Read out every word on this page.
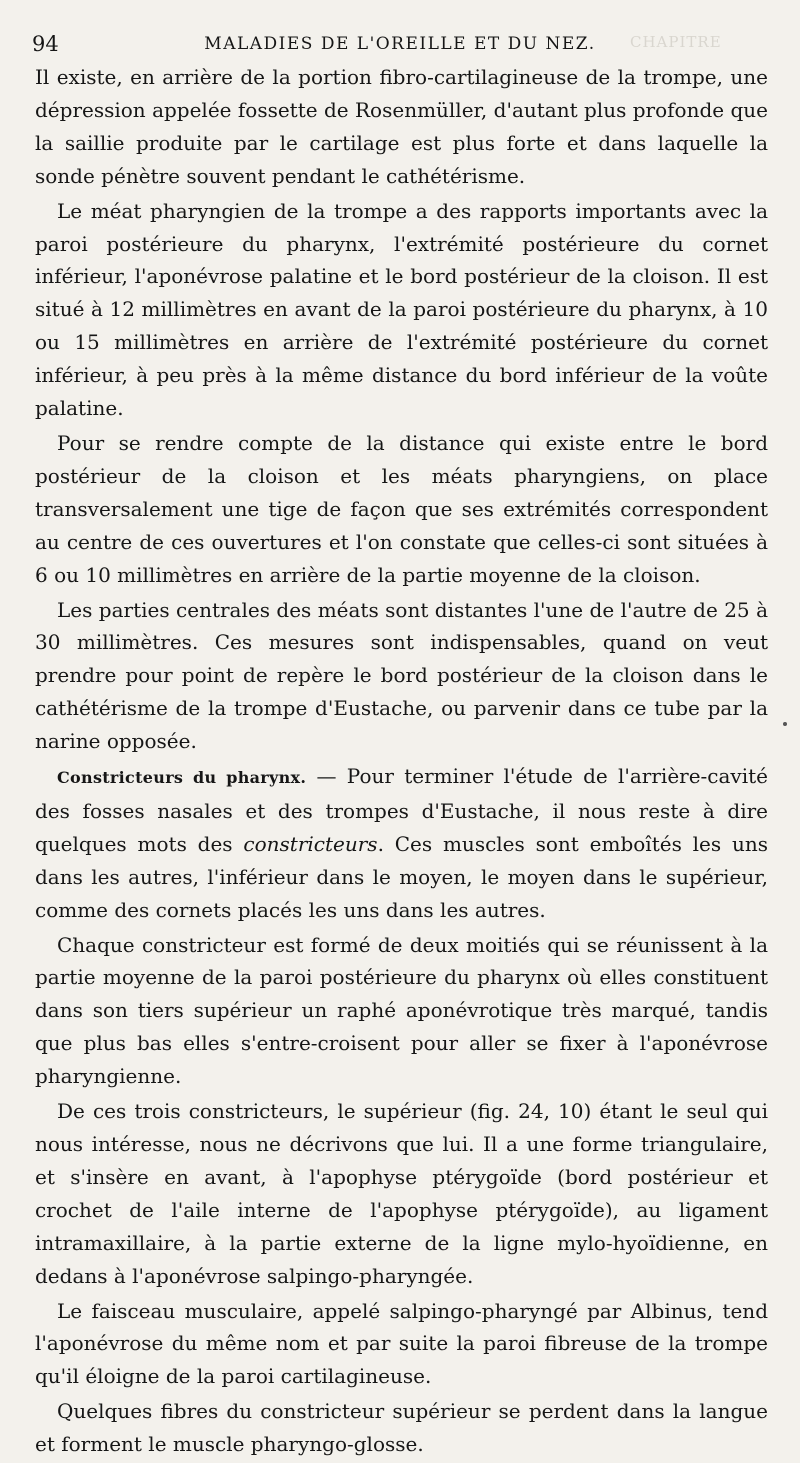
CHAPITRE
94	MALADIES DE L'OREILLE ET DU NEZ.

Il existe, en arrière de la portion fibro-cartilagineuse de la trompe, une dépression appelée fossette de Rosenmüller, d'autant plus profonde que la saillie produite par le cartilage est plus forte et dans laquelle la sonde pénètre souvent pendant le cathétérisme.

Le méat pharyngien de la trompe a des rapports importants avec la paroi postérieure du pharynx, l'extrémité postérieure du cornet inférieur, l'aponévrose palatine et le bord postérieur de la cloison. Il est situé à 12 millimètres en avant de la paroi postérieure du pharynx, à 10 ou 15 millimètres en arrière de l'extrémité postérieure du cornet inférieur, à peu près à la même distance du bord inférieur de la voûte palatine.

Pour se rendre compte de la distance qui existe entre le bord postérieur de la cloison et les méats pharyngiens, on place transversalement une tige de façon que ses extrémités correspondent au centre de ces ouvertures et l'on constate que celles-ci sont situées à 6 ou 10 millimètres en arrière de la partie moyenne de la cloison.

Les parties centrales des méats sont distantes l'une de l'autre de 25 à 30 millimètres. Ces mesures sont indispensables, quand on veut prendre pour point de repère le bord postérieur de la cloison dans le cathétérisme de la trompe d'Eustache, ou parvenir dans ce tube par la narine opposée.

Constricteurs du pharynx. — Pour terminer l'étude de l'arrière-cavité des fosses nasales et des trompes d'Eustache, il nous reste à dire quelques mots des constricteurs. Ces muscles sont emboîtés les uns dans les autres, l'inférieur dans le moyen, le moyen dans le supérieur, comme des cornets placés les uns dans les autres.

Chaque constricteur est formé de deux moitiés qui se réunissent à la partie moyenne de la paroi postérieure du pharynx où elles constituent dans son tiers supérieur un raphé aponévrotique très marqué, tandis que plus bas elles s'entre-croisent pour aller se fixer à l'aponévrose pharyngienne.

De ces trois constricteurs, le supérieur (fig. 24, 10) étant le seul qui nous intéresse, nous ne décrivons que lui. Il a une forme triangulaire, et s'insère en avant, à l'apophyse ptérygoïde (bord postérieur et crochet de l'aile interne de l'apophyse ptérygoïde), au ligament intramaxillaire, à la partie externe de la ligne mylo-hyoïdienne, en dedans à l'aponévrose salpingo-pharyngée.

Le faisceau musculaire, appelé salpingo-pharyngé par Albinus, tend l'aponévrose du même nom et par suite la paroi fibreuse de la trompe qu'il éloigne de la paroi cartilagineuse.

Quelques fibres du constricteur supérieur se perdent dans la langue et forment le muscle pharyngo-glosse.
